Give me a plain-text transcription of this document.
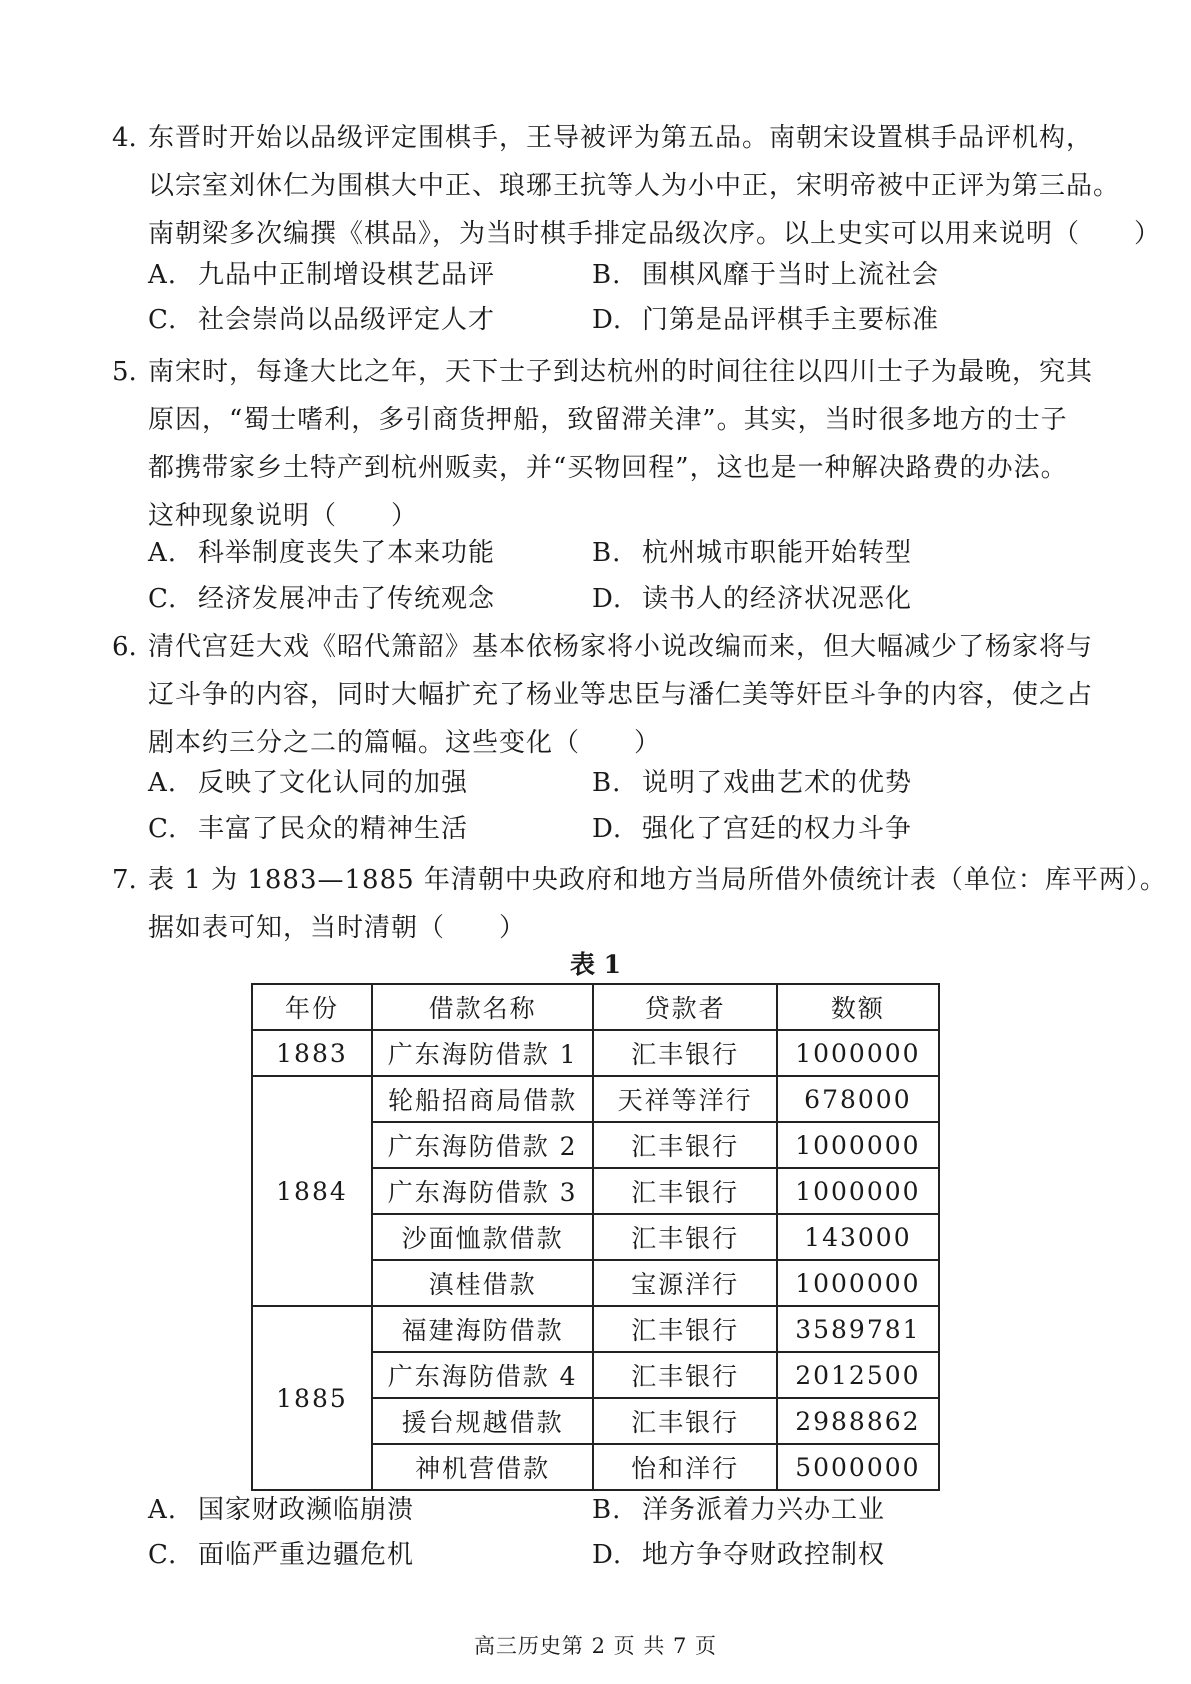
4. 东晋时开始以品级评定围棋手，王导被评为第五品。南朝宋设置棋手品评机构，
以宗室刘休仁为围棋大中正、琅琊王抗等人为小中正，宋明帝被中正评为第三品。
南朝梁多次编撰《棋品》，为当时棋手排定品级次序。以上史实可以用来说明（　　）
A. 九品中正制增设棋艺品评	B. 围棋风靡于当时上流社会
C. 社会崇尚以品级评定人才	D. 门第是品评棋手主要标准
5. 南宋时，每逢大比之年，天下士子到达杭州的时间往往以四川士子为最晚，究其
原因，“蜀士嗜利，多引商货押船，致留滞关津”。其实，当时很多地方的士子
都携带家乡土特产到杭州贩卖，并“买物回程”，这也是一种解决路费的办法。
这种现象说明（　　）
A. 科举制度丧失了本来功能	B. 杭州城市职能开始转型
C. 经济发展冲击了传统观念	D. 读书人的经济状况恶化
6. 清代宫廷大戏《昭代箫韶》基本依杨家将小说改编而来，但大幅减少了杨家将与
辽斗争的内容，同时大幅扩充了杨业等忠臣与潘仁美等奸臣斗争的内容，使之占
剧本约三分之二的篇幅。这些变化（　　）
A. 反映了文化认同的加强	B. 说明了戏曲艺术的优势
C. 丰富了民众的精神生活	D. 强化了宫廷的权力斗争
7. 表 1 为 1883—1885 年清朝中央政府和地方当局所借外债统计表（单位：库平两）。
据如表可知，当时清朝（　　）
表 1
年份	借款名称	贷款者	数额
1883	广东海防借款 1	汇丰银行	1000000
1884	轮船招商局借款	天祥等洋行	678000
	广东海防借款 2	汇丰银行	1000000
	广东海防借款 3	汇丰银行	1000000
	沙面恤款借款	汇丰银行	143000
	滇桂借款	宝源洋行	1000000
1885	福建海防借款	汇丰银行	3589781
	广东海防借款 4	汇丰银行	2012500
	援台规越借款	汇丰银行	2988862
	神机营借款	怡和洋行	5000000
A. 国家财政濒临崩溃	B. 洋务派着力兴办工业
C. 面临严重边疆危机	D. 地方争夺财政控制权
高三历史第 2 页 共 7 页
